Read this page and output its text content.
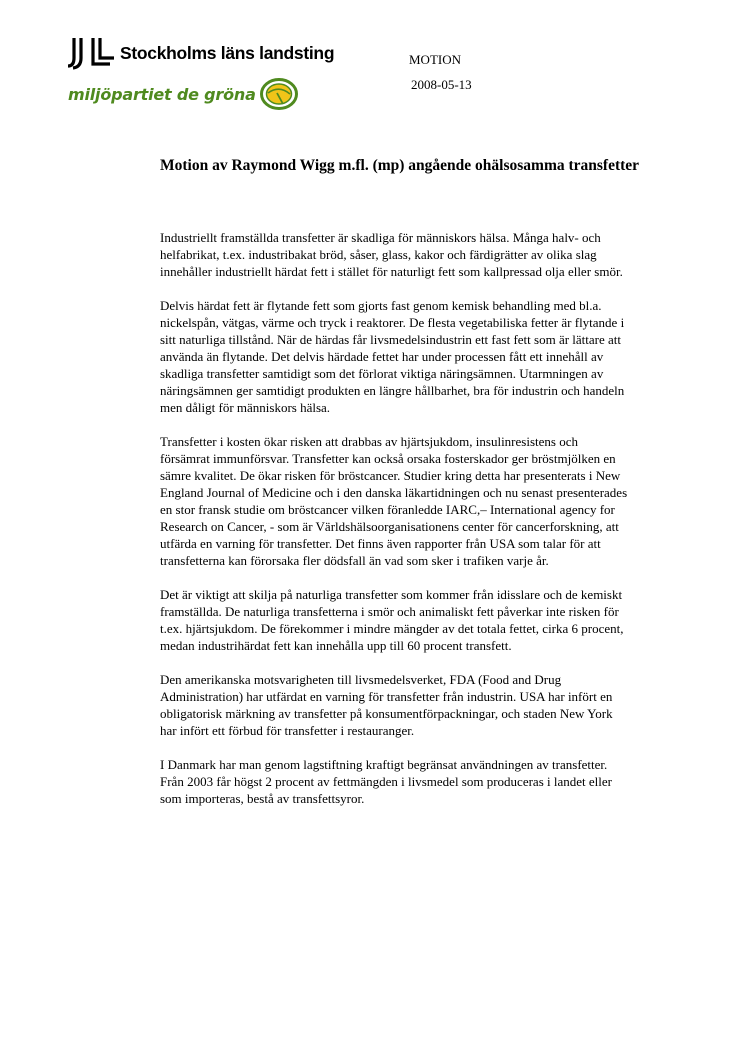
Stockholms läns landsting
miljöpartiet de gröna
MOTION
2008-05-13
Motion av Raymond Wigg m.fl. (mp) angående ohälsosamma transfetter

Industriellt framställda transfetter är skadliga för människors hälsa. Många halv- och helfabrikat, t.ex. industribakat bröd, såser, glass, kakor och färdigrätter av olika slag innehåller industriellt härdat fett i stället för naturligt fett som kallpressad olja eller smör.

Delvis härdat fett är flytande fett som gjorts fast genom kemisk behandling med bl.a. nickelspån, vätgas, värme och tryck i reaktorer. De flesta vegetabiliska fetter är flytande i sitt naturliga tillstånd. När de härdas får livsmedelsindustrin ett fast fett som är lättare att använda än flytande. Det delvis härdade fettet har under processen fått ett innehåll av skadliga transfetter samtidigt som det förlorat viktiga näringsämnen. Utarmningen av näringsämnen ger samtidigt produkten en längre hållbarhet, bra för industrin och handeln men dåligt för människors hälsa.

Transfetter i kosten ökar risken att drabbas av hjärtsjukdom, insulinresistens och försämrat immunförsvar. Transfetter kan också orsaka fosterskador ger bröstmjölken en sämre kvalitet. De ökar risken för bröstcancer. Studier kring detta har presenterats i New England Journal of Medicine och i den danska läkartidningen och nu senast presenterades en stor fransk studie om bröstcancer vilken föranledde IARC,– International agency for Research on Cancer, - som är Världshälsoorganisationens center för cancerforskning, att utfärda en varning för transfetter. Det finns även rapporter från USA som talar för att transfetterna kan förorsaka fler dödsfall än vad som sker i trafiken varje år.

Det är viktigt att skilja på naturliga transfetter som kommer från idisslare och de kemiskt framställda. De naturliga transfetterna i smör och animaliskt fett påverkar inte risken för t.ex. hjärtsjukdom. De förekommer i mindre mängder av det totala fettet, cirka 6 procent, medan industrihärdat fett kan innehålla upp till 60 procent transfett.

Den amerikanska motsvarigheten till livsmedelsverket, FDA (Food and Drug Administration) har utfärdat en varning för transfetter från industrin. USA har infört en obligatorisk märkning av transfetter på konsumentförpackningar, och staden New York har infört ett förbud för transfetter i restauranger.

I Danmark har man genom lagstiftning kraftigt begränsat användningen av transfetter. Från 2003 får högst 2 procent av fettmängden i livsmedel som produceras i landet eller som importeras, bestå av transfettsyror.
